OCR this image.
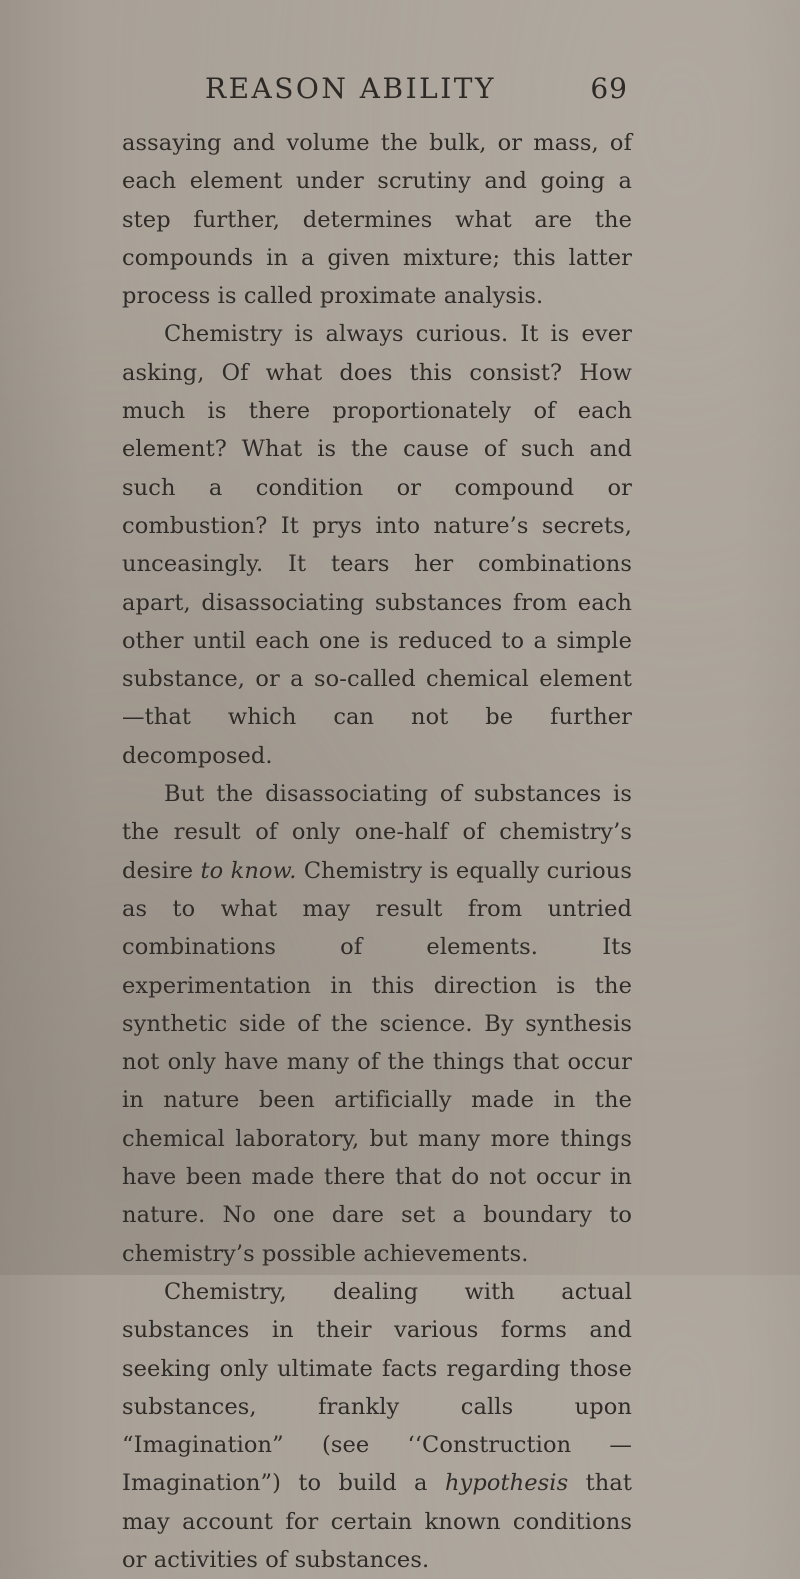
REASON ABILITY	69

assaying and volume the bulk, or mass, of each element under scrutiny and going a step further, determines what are the compounds in a given mixture; this latter process is called proximate analysis.

Chemistry is always curious. It is ever asking, Of what does this consist? How much is there proportionately of each element? What is the cause of such and such a condition or compound or combustion? It prys into nature’s secrets, unceasingly. It tears her combinations apart, disassociating substances from each other until each one is reduced to a simple substance, or a so-called chemical element—that which can not be further decomposed.

But the disassociating of substances is the result of only one-half of chemistry’s desire to know. Chemistry is equally curious as to what may result from untried combinations of elements. Its experimentation in this direction is the synthetic side of the science. By synthesis not only have many of the things that occur in nature been artificially made in the chemical laboratory, but many more things have been made there that do not occur in nature. No one dare set a boundary to chemistry’s possible achievements.

Chemistry, dealing with actual substances in their various forms and seeking only ultimate facts regarding those substances, frankly calls upon “Imagination” (see ‘‘Construction — Imagination”) to build a hypothesis that may account for certain known conditions or activities of substances.
